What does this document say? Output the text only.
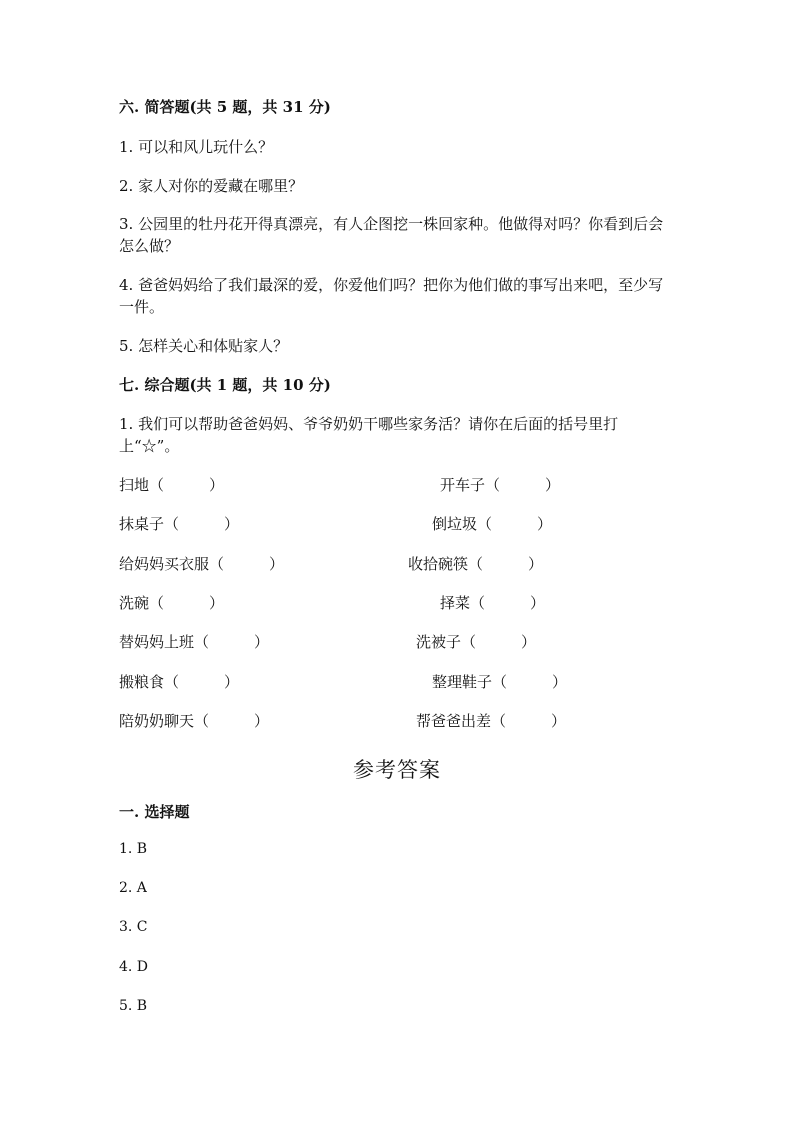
六. 简答题(共 5 题，共 31 分)
1. 可以和风儿玩什么？
2. 家人对你的爱藏在哪里？
3. 公园里的牡丹花开得真漂亮，有人企图挖一株回家种。他做得对吗？你看到后会怎么做？
4. 爸爸妈妈给了我们最深的爱，你爱他们吗？把你为他们做的事写出来吧，至少写一件。
5. 怎样关心和体贴家人？
七. 综合题(共 1 题，共 10 分)
1. 我们可以帮助爸爸妈妈、爷爷奶奶干哪些家务活？请你在后面的括号里打上“☆”。
扫地（　　　）	开车子（　　　）
抹桌子（　　　）	倒垃圾（　　　）
给妈妈买衣服（　　　）	收拾碗筷（　　　）
洗碗（　　　）	择菜（　　　）
替妈妈上班（　　　）	洗被子（　　　）
搬粮食（　　　）	整理鞋子（　　　）
陪奶奶聊天（　　　）	帮爸爸出差（　　　）
参考答案
一. 选择题
1. B
2. A
3. C
4. D
5. B
